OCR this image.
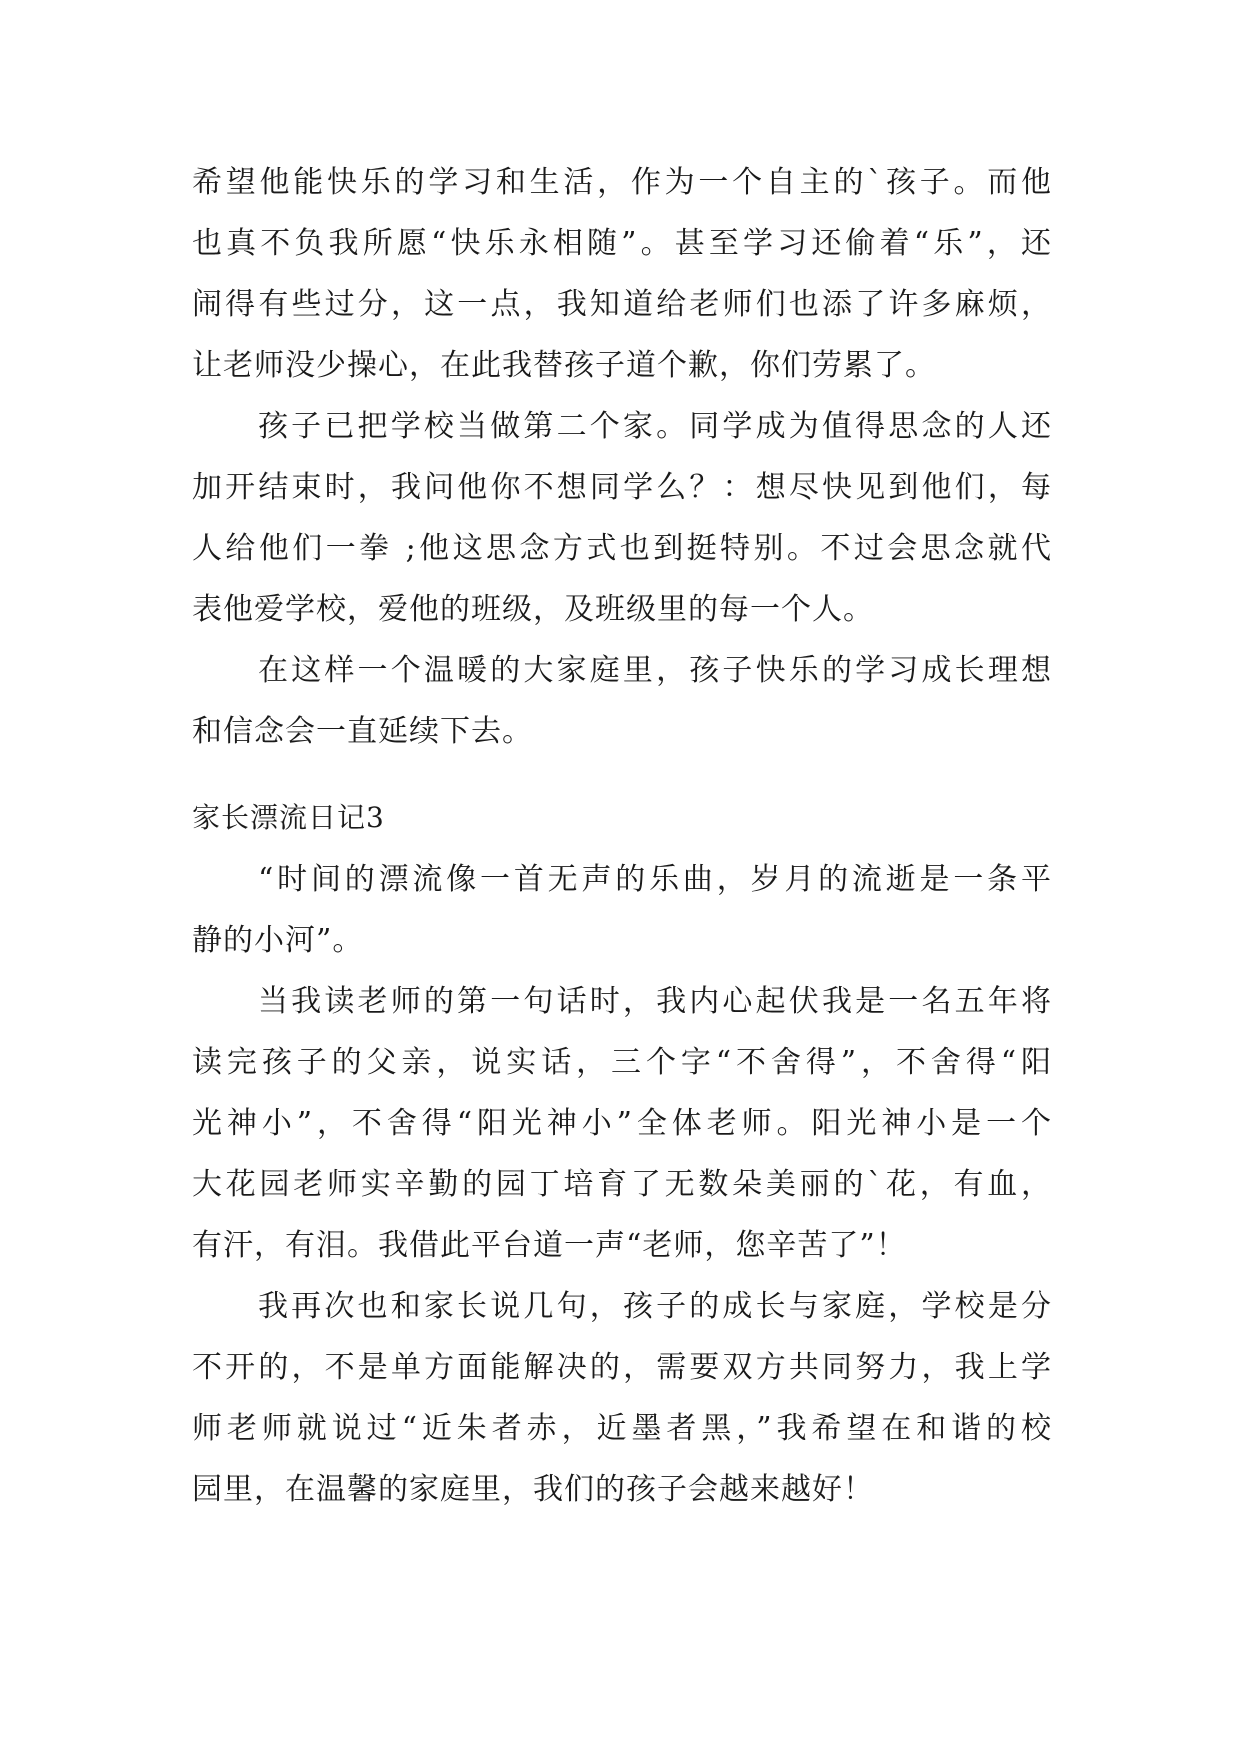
希望他能快乐的学习和生活，作为一个自主的`孩子。而他
也真不负我所愿“快乐永相随”。甚至学习还偷着“乐”，还
闹得有些过分，这一点，我知道给老师们也添了许多麻烦，
让老师没少操心，在此我替孩子道个歉，你们劳累了。
孩子已把学校当做第二个家。同学成为值得思念的人还
加开结束时，我问他你不想同学么？：想尽快见到他们，每
人给他们一拳 ;他这思念方式也到挺特别。不过会思念就代
表他爱学校，爱他的班级，及班级里的每一个人。
在这样一个温暖的大家庭里，孩子快乐的学习成长理想
和信念会一直延续下去。
家长漂流日记3
“时间的漂流像一首无声的乐曲，岁月的流逝是一条平
静的小河”。
当我读老师的第一句话时，我内心起伏我是一名五年将
读完孩子的父亲，说实话，三个字“不舍得”，不舍得“阳
光神小”，不舍得“阳光神小”全体老师。阳光神小是一个
大花园老师实辛勤的园丁培育了无数朵美丽的`花，有血，
有汗，有泪。我借此平台道一声“老师，您辛苦了”！
我再次也和家长说几句，孩子的成长与家庭，学校是分
不开的，不是单方面能解决的，需要双方共同努力，我上学
师老师就说过“近朱者赤，近墨者黑，”我希望在和谐的校
园里，在温馨的家庭里，我们的孩子会越来越好！
